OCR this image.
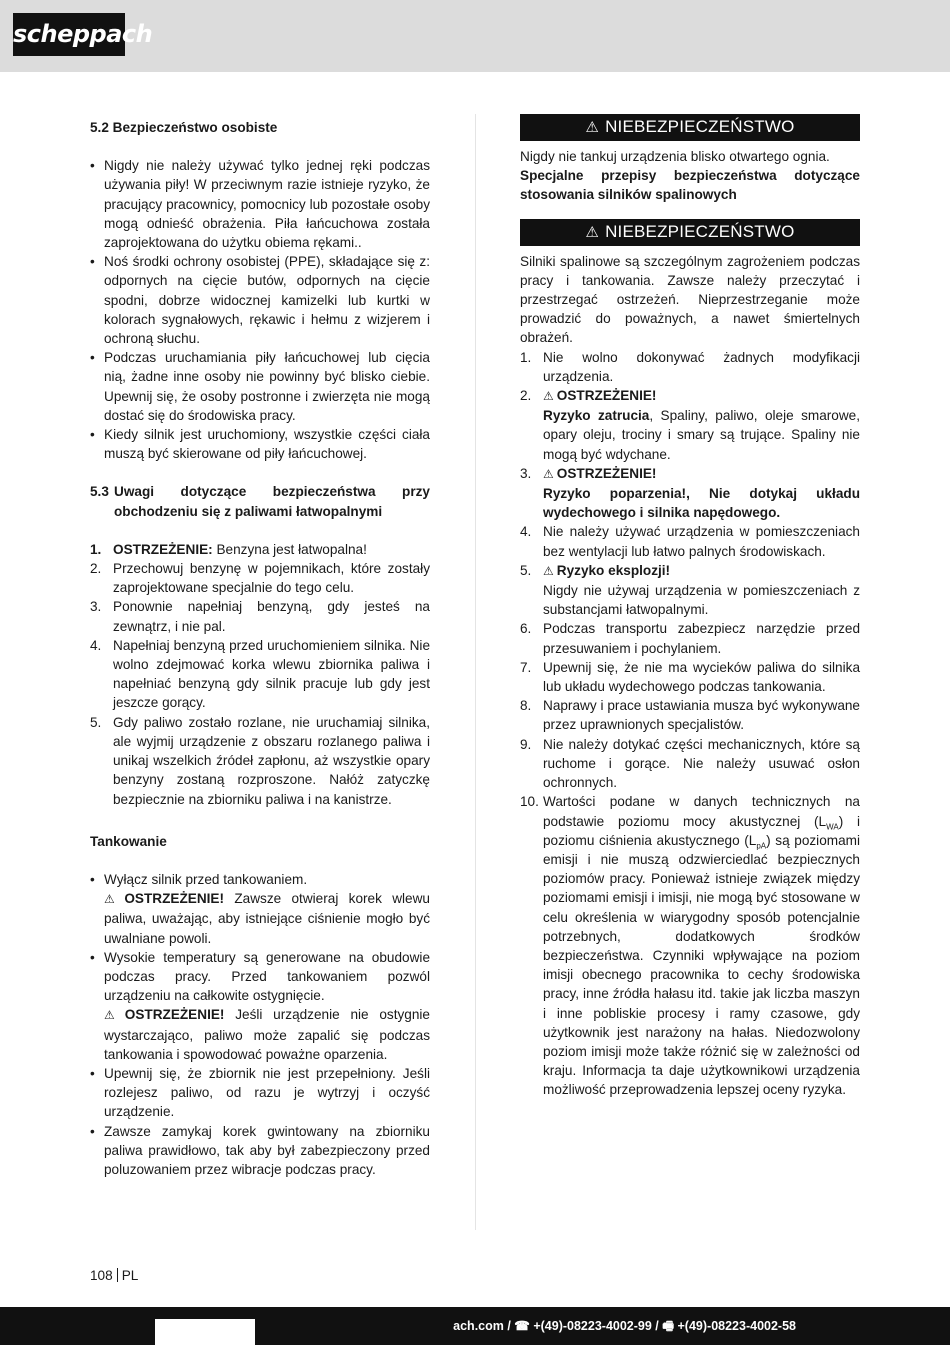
scheppach
5.2 Bezpieczeństwo osobiste
• Nigdy nie należy używać tylko jednej ręki podczas używania piły! W przeciwnym razie istnieje ryzyko, że pracujący pracownicy, pomocnicy lub pozostałe osoby mogą odnieść obrażenia. Piła łańcuchowa została zaprojektowana do użytku obiema rękami..
• Noś środki ochrony osobistej (PPE), składające się z: odpornych na cięcie butów, odpornych na cięcie spodni, dobrze widocznej kamizelki lub kurtki w kolorach sygnałowych, rękawic i hełmu z wizjerem i ochroną słuchu.
• Podczas uruchamiania piły łańcuchowej lub cięcia nią, żadne inne osoby nie powinny być blisko ciebie. Upewnij się, że osoby postronne i zwierzęta nie mogą dostać się do środowiska pracy.
• Kiedy silnik jest uruchomiony, wszystkie części ciała muszą być skierowane od piły łańcuchowej.
5.3 Uwagi dotyczące bezpieczeństwa przy obchodzeniu się z paliwami łatwopalnymi
1. OSTRZEŻENIE: Benzyna jest łatwopalna!
2. Przechowuj benzynę w pojemnikach, które zostały zaprojektowane specjalnie do tego celu.
3. Ponownie napełniaj benzyną, gdy jesteś na zewnątrz, i nie pal.
4. Napełniaj benzyną przed uruchomieniem silnika. Nie wolno zdejmować korka wlewu zbiornika paliwa i napełniać benzyną gdy silnik pracuje lub gdy jest jeszcze gorący.
5. Gdy paliwo zostało rozlane, nie uruchamiaj silnika, ale wyjmij urządzenie z obszaru rozlanego paliwa i unikaj wszelkich źródeł zapłonu, aż wszystkie opary benzyny zostaną rozproszone. Nałóż zatyczkę bezpiecznie na zbiorniku paliwa i na kanistrze.
Tankowanie
• Wyłącz silnik przed tankowaniem.
⚠ OSTRZEŻENIE! Zawsze otwieraj korek wlewu paliwa, uważając, aby istniejące ciśnienie mogło być uwalniane powoli.
• Wysokie temperatury są generowane na obudowie podczas pracy. Przed tankowaniem pozwól urządzeniu na całkowite ostygnięcie.
⚠ OSTRZEŻENIE! Jeśli urządzenie nie ostygnie wystarczająco, paliwo może zapalić się podczas tankowania i spowodować poważne oparzenia.
• Upewnij się, że zbiornik nie jest przepełniony. Jeśli rozlejesz paliwo, od razu je wytrzyj i oczyść urządzenie.
• Zawsze zamykaj korek gwintowany na zbiorniku paliwa prawidłowo, tak aby był zabezpieczony przed poluzowaniem przez wibracje podczas pracy.
⚠ NIEBEZPIECZEŃSTWO

Nigdy nie tankuj urządzenia blisko otwartego ognia.

Specjalne przepisy bezpieczeństwa dotyczące stosowania silników spalinowych

⚠ NIEBEZPIECZEŃSTWO

Silniki spalinowe są szczególnym zagrożeniem podczas pracy i tankowania. Zawsze należy przeczytać i przestrzegać ostrzeżeń. Nieprzestrzeganie może prowadzić do poważnych, a nawet śmiertelnych obrażeń.

1. Nie wolno dokonywać żadnych modyfikacji urządzenia.
2. ⚠ OSTRZEŻENIE!
Ryzyko zatrucia, Spaliny, paliwo, oleje smarowe, opary oleju, trociny i smary są trujące. Spaliny nie mogą być wdychane.
3. ⚠ OSTRZEŻENIE!
Ryzyko poparzenia!, Nie dotykaj układu wydechowego i silnika napędowego.
4. Nie należy używać urządzenia w pomieszczeniach bez wentylacji lub łatwo palnych środowiskach.
5. ⚠ Ryzyko eksplozji!
Nigdy nie używaj urządzenia w pomieszczeniach z substancjami łatwopalnymi.
6. Podczas transportu zabezpiecz narzędzie przed przesuwaniem i pochylaniem.
7. Upewnij się, że nie ma wycieków paliwa do silnika lub układu wydechowego podczas tankowania.
8. Naprawy i prace ustawiania musza być wykonywane przez uprawnionych specjalistów.
9. Nie należy dotykać części mechanicznych, które są ruchome i gorące. Nie należy usuwać osłon ochronnych.
10. Wartości podane w danych technicznych na podstawie poziomu mocy akustycznej $(L_{WA})$ i poziomu ciśnienia akustycznego $(L_{pA})$ są poziomami emisji i nie muszą odzwierciedlać bezpiecznych poziomów pracy. Ponieważ istnieje związek między poziomami emisji i imisji, nie mogą być stosowane w celu określenia w wiarygodny sposób potencjalnie potrzebnych, dodatkowych środków bezpieczeństwa. Czynniki wpływające na poziom imisji obecnego pracownika to cechy środowiska pracy, inne źródła hałasu itd. takie jak liczba maszyn i inne pobliskie procesy i ramy czasowe, gdy użytkownik jest narażony na hałas. Niedozwolony poziom imisji może także różnić się w zależności od kraju. Informacja ta daje użytkownikowi urządzenia możliwość przeprowadzenia lepszej oceny ryzyka.
108 PL
ach.com / ☎ +(49)-08223-4002-99 / 🖷 +(49)-08223-4002-58
